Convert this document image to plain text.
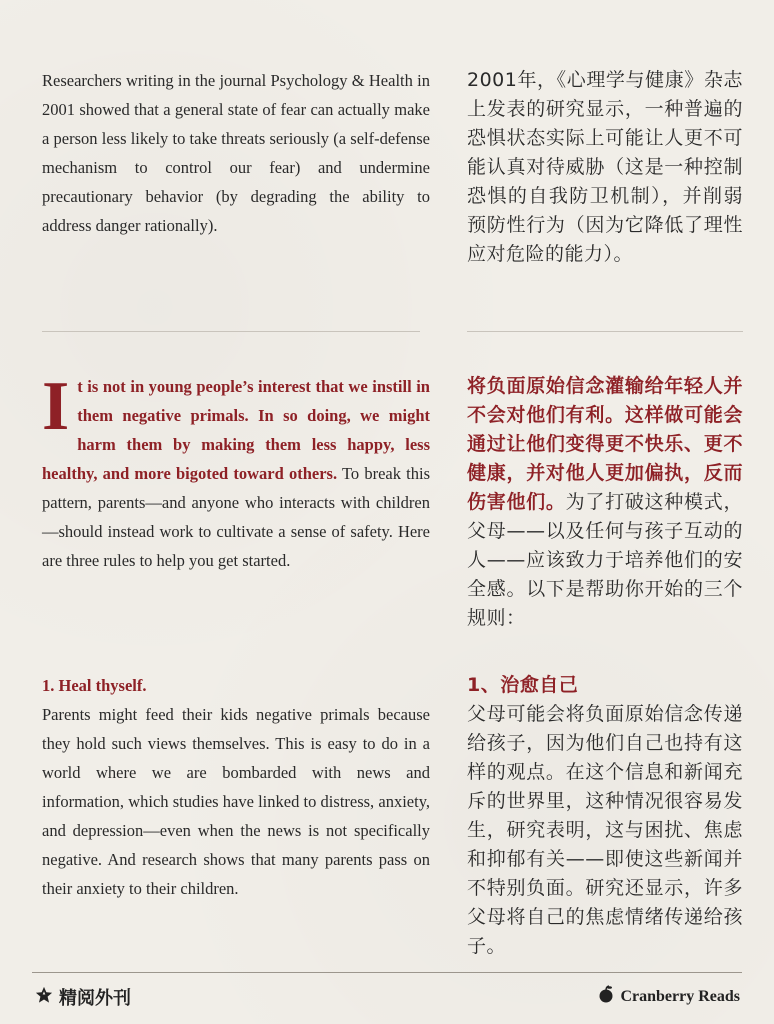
Researchers writing in the journal Psychology & Health in 2001 showed that a general state of fear can actually make a person less likely to take threats seriously (a self-defense mechanism to control our fear) and undermine precautionary behavior (by degrading the ability to address danger rationally).
It is not in young people’s interest that we instill in them negative primals. In so doing, we might harm them by making them less happy, less healthy, and more bigoted toward others. To break this pattern, parents—and anyone who interacts with children—should instead work to cultivate a sense of safety. Here are three rules to help you get started.
1. Heal thyself.
Parents might feed their kids negative primals because they hold such views themselves. This is easy to do in a world where we are bombarded with news and information, which studies have linked to distress, anxiety, and depression—even when the news is not specifically negative. And research shows that many parents pass on their anxiety to their children.
2001年，《心理学与健康》杂志上发表的研究显示，一种普遍的恐惧状态实际上可能让人更不可能认真对待威胁（这是一种控制恐惧的自我防卫机制），并削弱预防性行为（因为它降低了理性应对危险的能力）。
将负面原始信念灌输给年轻人并不会对他们有利。这样做可能会通过让他们变得更不快乐、更不健康，并对他人更加偏执，反而伤害他们。为了打破这种模式，父母——以及任何与孩子互动的人——应该致力于培养他们的安全感。以下是帮助你开始的三个规则：
1、治愈自己
父母可能会将负面原始信念传递给孩子，因为他们自己也持有这样的观点。在这个信息和新闻充斥的世界里，这种情况很容易发生，研究表明，这与困扰、焦虑和抑郁有关——即使这些新闻并不特别负面。研究还显示，许多父母将自己的焦虑情绪传递给孩子。
精阅外刊	Cranberry Reads
